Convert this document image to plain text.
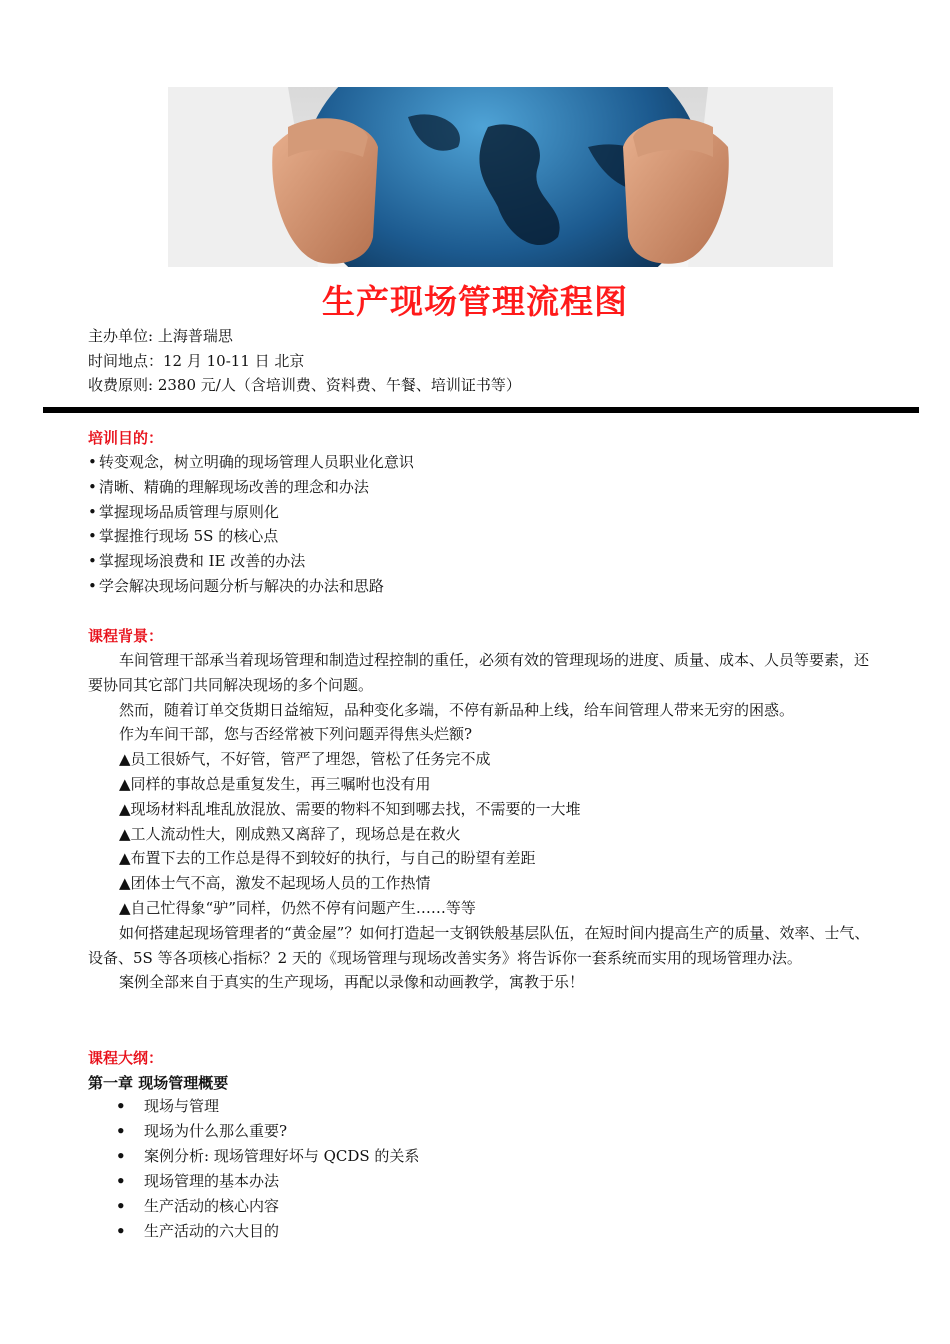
生产现场管理流程图
主办单位: 上海普瑞思
时间地点：12 月 10-11 日 北京
收费原则: 2380 元/人（含培训费、资料费、午餐、培训证书等）
培训目的：
• 转变观念，树立明确的现场管理人员职业化意识
• 清晰、精确的理解现场改善的理念和办法
• 掌握现场品质管理与原则化
• 掌握推行现场 5S 的核心点
• 掌握现场浪费和 IE 改善的办法
• 学会解决现场问题分析与解决的办法和思路
课程背景：

车间管理干部承当着现场管理和制造过程控制的重任，必须有效的管理现场的进度、质量、成本、人员等要素，还要协同其它部门共同解决现场的多个问题。

然而，随着订单交货期日益缩短，品种变化多端，不停有新品种上线，给车间管理人带来无穷的困惑。

作为车间干部，您与否经常被下列问题弄得焦头烂额?

▲员工很娇气，不好管，管严了埋怨，管松了任务完不成

▲同样的事故总是重复发生，再三嘱咐也没有用

▲现场材料乱堆乱放混放、需要的物料不知到哪去找，不需要的一大堆

▲工人流动性大，刚成熟又离辞了，现场总是在救火

▲布置下去的工作总是得不到较好的执行，与自己的盼望有差距

▲团体士气不高，激发不起现场人员的工作热情

▲自己忙得象“驴”同样，仍然不停有问题产生……等等

如何搭建起现场管理者的“黄金屋”？如何打造起一支钢铁般基层队伍，在短时间内提高生产的质量、效率、士气、设备、5S 等各项核心指标？2 天的《现场管理与现场改善实务》将告诉你一套系统而实用的现场管理办法。

案例全部来自于真实的生产现场，再配以录像和动画教学，寓教于乐！

课程大纲：
第一章 现场管理概要
•	现场与管理
•	现场为什么那么重要?
•	案例分析: 现场管理好坏与 QCDS 的关系
•	现场管理的基本办法
•	生产活动的核心内容
•	生产活动的六大目的
